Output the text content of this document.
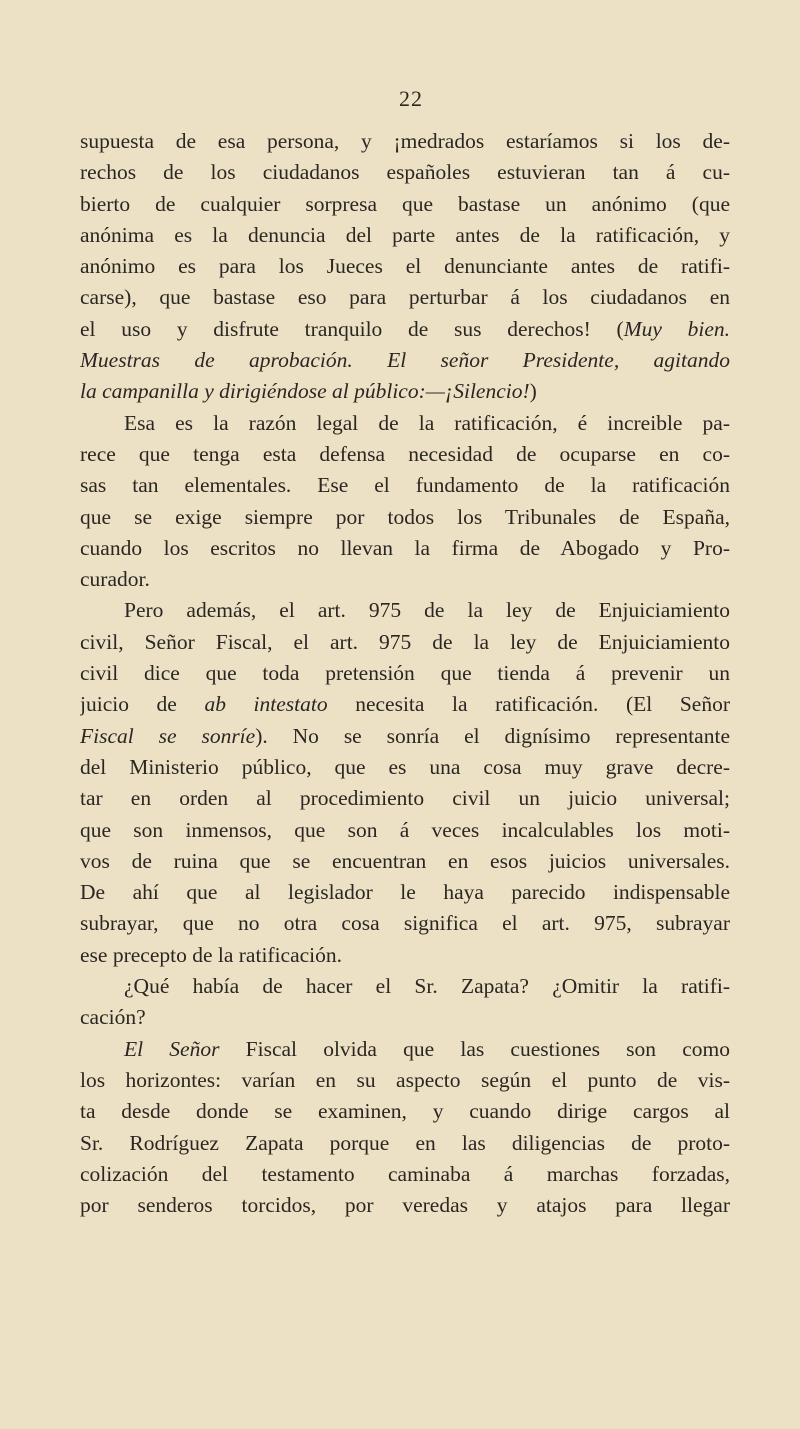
22
supuesta de esa persona, y ¡medrados estaríamos si los de-
rechos de los ciudadanos españoles estuvieran tan á cu-
bierto de cualquier sorpresa que bastase un anónimo (que
anónima es la denuncia del parte antes de la ratificación, y
anónimo es para los Jueces el denunciante antes de ratifi-
carse), que bastase eso para perturbar á los ciudadanos en
el uso y disfrute tranquilo de sus derechos! (Muy bien.
Muestras de aprobación. El señor Presidente, agitando
la campanilla y dirigiéndose al público:—¡Silencio!)
Esa es la razón legal de la ratificación, é increible pa-
rece que tenga esta defensa necesidad de ocuparse en co-
sas tan elementales. Ese el fundamento de la ratificación
que se exige siempre por todos los Tribunales de España,
cuando los escritos no llevan la firma de Abogado y Pro-
curador.
Pero además, el art. 975 de la ley de Enjuiciamiento
civil, Señor Fiscal, el art. 975 de la ley de Enjuiciamiento
civil dice que toda pretensión que tienda á prevenir un
juicio de ab intestato necesita la ratificación. (El Señor
Fiscal se sonríe). No se sonría el dignísimo representante
del Ministerio público, que es una cosa muy grave decre-
tar en orden al procedimiento civil un juicio universal;
que son inmensos, que son á veces incalculables los moti-
vos de ruina que se encuentran en esos juicios universales.
De ahí que al legislador le haya parecido indispensable
subrayar, que no otra cosa significa el art. 975, subrayar
ese precepto de la ratificación.
¿Qué había de hacer el Sr. Zapata? ¿Omitir la ratifi-
cación?
El Señor Fiscal olvida que las cuestiones son como
los horizontes: varían en su aspecto según el punto de vis-
ta desde donde se examinen, y cuando dirige cargos al
Sr. Rodríguez Zapata porque en las diligencias de proto-
colización del testamento caminaba á marchas forzadas,
por senderos torcidos, por veredas y atajos para llegar
